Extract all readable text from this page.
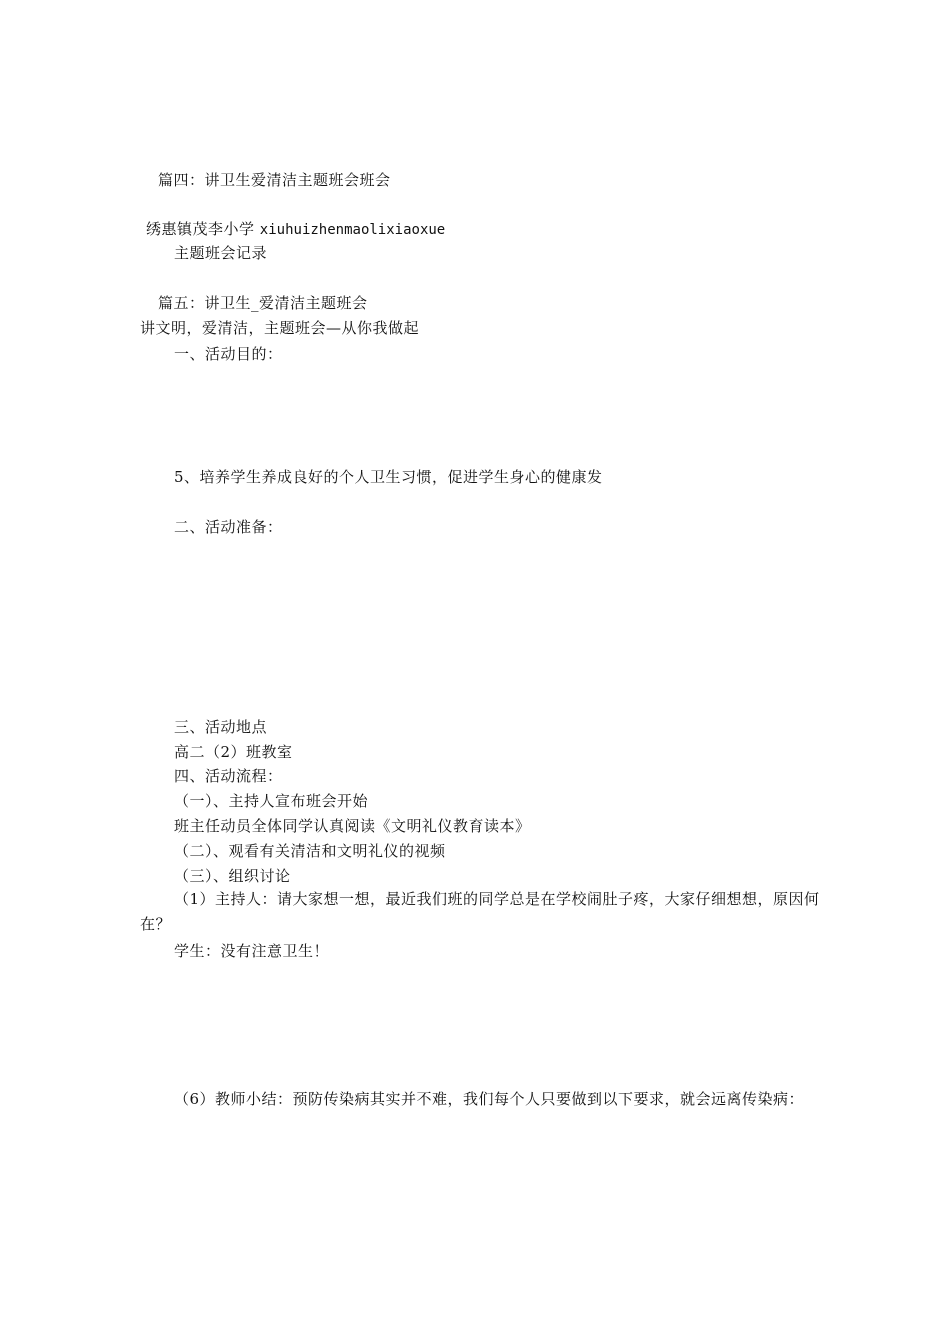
篇四：讲卫生爱清洁主题班会班会
绣惠镇茂李小学 xiuhuizhenmaolixiaoxue
主题班会记录
篇五：讲卫生_爱清洁主题班会
讲文明，爱清洁，主题班会—从你我做起
一、活动目的：
5、培养学生养成良好的个人卫生习惯，促进学生身心的健康发
二、活动准备：
三、活动地点
高二（2）班教室
四、活动流程：
（一）、主持人宣布班会开始
班主任动员全体同学认真阅读《文明礼仪教育读本》
（二）、观看有关清洁和文明礼仪的视频
（三）、组织讨论
（1）主持人：请大家想一想，最近我们班的同学总是在学校闹肚子疼，大家仔细想想，原因何在？
学生：没有注意卫生！
（6）教师小结：预防传染病其实并不难，我们每个人只要做到以下要求，就会远离传染病：
